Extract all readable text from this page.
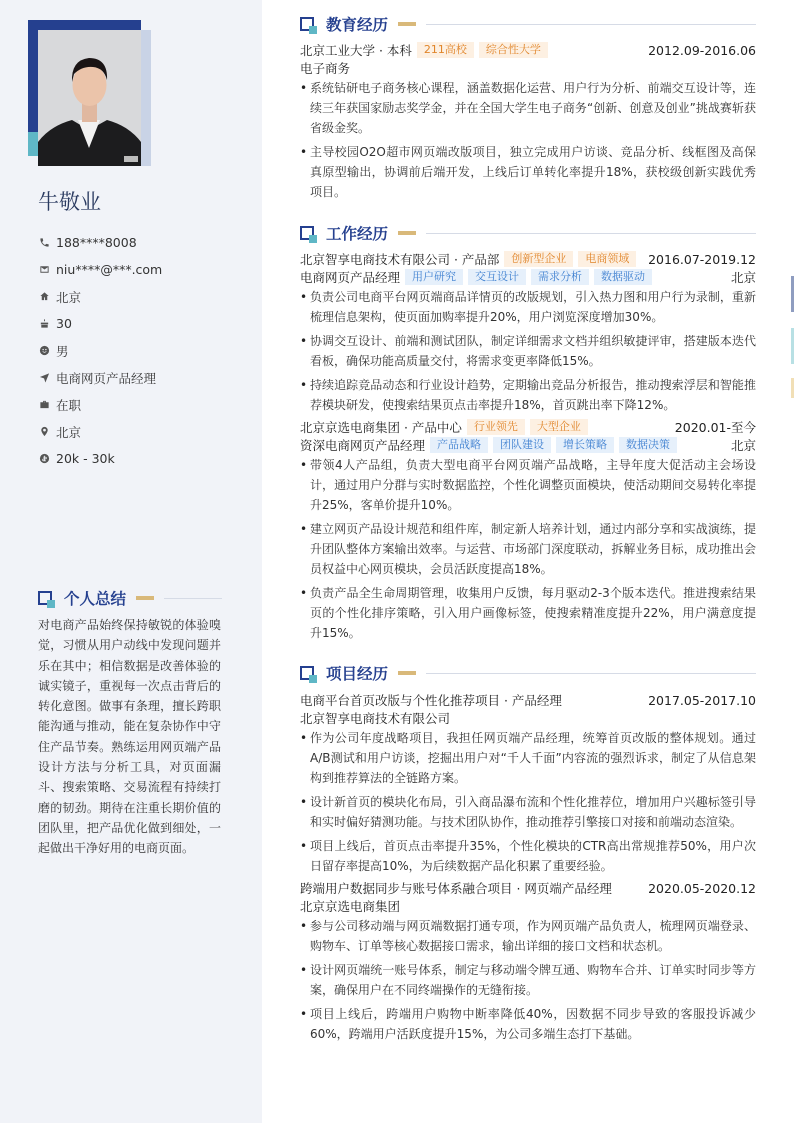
牛敬业
188****8008
niu****@***.com
北京
30
男
电商网页产品经理
在职
北京
20k - 30k
个人总结
对电商产品始终保持敏锐的体验嗅觉，习惯从用户动线中发现问题并乐在其中；相信数据是改善体验的诚实镜子，重视每一次点击背后的转化意图。做事有条理，擅长跨职能沟通与推动，能在复杂协作中守住产品节奏。熟练运用网页端产品设计方法与分析工具，对页面漏斗、搜索策略、交易流程有持续打磨的韧劲。期待在注重长期价值的团队里，把产品优化做到细处，一起做出干净好用的电商页面。
教育经历
北京工业大学 · 本科	211高校	综合性大学	2012.09-2016.06
电子商务
• 系统钻研电子商务核心课程，涵盖数据化运营、用户行为分析、前端交互设计等，连续三年获国家励志奖学金，并在全国大学生电子商务“创新、创意及创业”挑战赛斩获省级金奖。
• 主导校园O2O超市网页端改版项目，独立完成用户访谈、竞品分析、线框图及高保真原型输出，协调前后端开发，上线后订单转化率提升18%，获校级创新实践优秀项目。
工作经历
北京智享电商技术有限公司 · 产品部	创新型企业	电商领域	2016.07-2019.12
电商网页产品经理	用户研究	交互设计	需求分析	数据驱动	北京
• 负责公司电商平台网页端商品详情页的改版规划，引入热力图和用户行为录制，重新梳理信息架构，使页面加购率提升20%，用户浏览深度增加30%。
• 协调交互设计、前端和测试团队，制定详细需求文档并组织敏捷评审，搭建版本迭代看板，确保功能高质量交付，将需求变更率降低15%。
• 持续追踪竞品动态和行业设计趋势，定期输出竞品分析报告，推动搜索浮层和智能推荐模块研发，使搜索结果页点击率提升18%，首页跳出率下降12%。
北京京选电商集团 · 产品中心	行业领先	大型企业	2020.01-至今
资深电商网页产品经理	产品战略	团队建设	增长策略	数据决策	北京
• 带领4人产品组，负责大型电商平台网页端产品战略，主导年度大促活动主会场设计，通过用户分群与实时数据监控，个性化调整页面模块，使活动期间交易转化率提升25%，客单价提升10%。
• 建立网页产品设计规范和组件库，制定新人培养计划，通过内部分享和实战演练，提升团队整体方案输出效率。与运营、市场部门深度联动，拆解业务目标，成功推出会员权益中心网页模块，会员活跃度提高18%。
• 负责产品全生命周期管理，收集用户反馈，每月驱动2-3个版本迭代。推进搜索结果页的个性化排序策略，引入用户画像标签，使搜索精准度提升22%，用户满意度提升15%。
项目经历
电商平台首页改版与个性化推荐项目 · 产品经理	2017.05-2017.10
北京智享电商技术有限公司
• 作为公司年度战略项目，我担任网页端产品经理，统筹首页改版的整体规划。通过A/B测试和用户访谈，挖掘出用户对“千人千面”内容流的强烈诉求，制定了从信息架构到推荐算法的全链路方案。
• 设计新首页的模块化布局，引入商品瀑布流和个性化推荐位，增加用户兴趣标签引导和实时偏好猜测功能。与技术团队协作，推动推荐引擎接口对接和前端动态渲染。
• 项目上线后，首页点击率提升35%，个性化模块的CTR高出常规推荐50%，用户次日留存率提高10%，为后续数据产品化积累了重要经验。
跨端用户数据同步与账号体系融合项目 · 网页端产品经理	2020.05-2020.12
北京京选电商集团
• 参与公司移动端与网页端数据打通专项，作为网页端产品负责人，梳理网页端登录、购物车、订单等核心数据接口需求，输出详细的接口文档和状态机。
• 设计网页端统一账号体系，制定与移动端令牌互通、购物车合并、订单实时同步等方案，确保用户在不同终端操作的无缝衔接。
• 项目上线后，跨端用户购物中断率降低40%，因数据不同步导致的客服投诉减少60%，跨端用户活跃度提升15%，为公司多端生态打下基础。
